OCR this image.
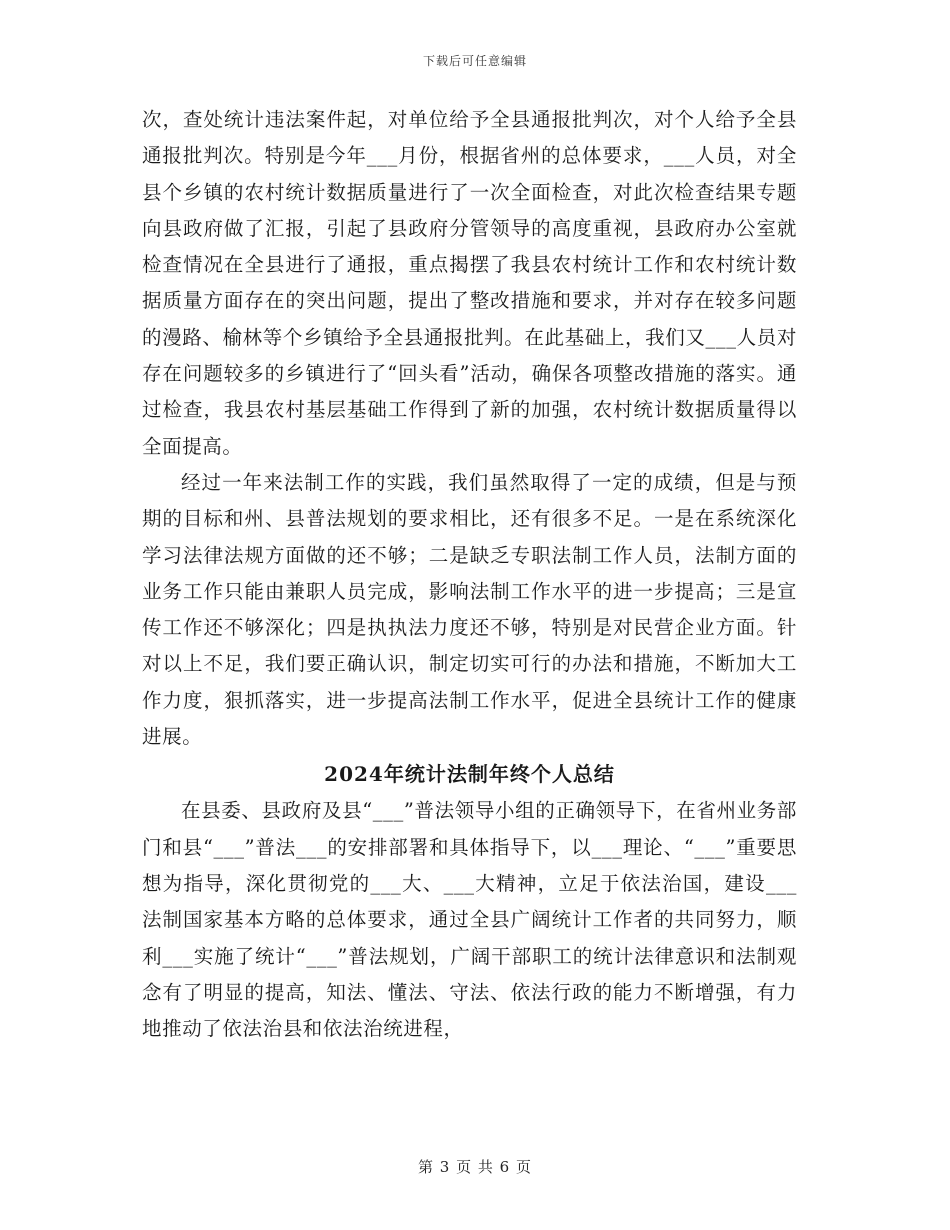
下载后可任意编辑

次，查处统计违法案件起，对单位给予全县通报批判次，对个人给予全县通报批判次。特别是今年___月份，根据省州的总体要求，___人员，对全县个乡镇的农村统计数据质量进行了一次全面检查，对此次检查结果专题向县政府做了汇报，引起了县政府分管领导的高度重视，县政府办公室就检查情况在全县进行了通报，重点揭摆了我县农村统计工作和农村统计数据质量方面存在的突出问题，提出了整改措施和要求，并对存在较多问题的漫路、榆林等个乡镇给予全县通报批判。在此基础上，我们又___人员对存在问题较多的乡镇进行了“回头看”活动，确保各项整改措施的落实。通过检查，我县农村基层基础工作得到了新的加强，农村统计数据质量得以全面提高。

经过一年来法制工作的实践，我们虽然取得了一定的成绩，但是与预期的目标和州、县普法规划的要求相比，还有很多不足。一是在系统深化学习法律法规方面做的还不够；二是缺乏专职法制工作人员，法制方面的业务工作只能由兼职人员完成，影响法制工作水平的进一步提高；三是宣传工作还不够深化；四是执执法力度还不够，特别是对民营企业方面。针对以上不足，我们要正确认识，制定切实可行的办法和措施，不断加大工作力度，狠抓落实，进一步提高法制工作水平，促进全县统计工作的健康进展。

2024年统计法制年终个人总结

在县委、县政府及县“___”普法领导小组的正确领导下，在省州业务部门和县“___”普法___的安排部署和具体指导下，以___理论、“___”重要思想为指导，深化贯彻党的___大、___大精神，立足于依法治国，建设___法制国家基本方略的总体要求，通过全县广阔统计工作者的共同努力，顺利___实施了统计“___”普法规划，广阔干部职工的统计法律意识和法制观念有了明显的提高，知法、懂法、守法、依法行政的能力不断增强，有力地推动了依法治县和依法治统进程，

第 3 页 共 6 页
